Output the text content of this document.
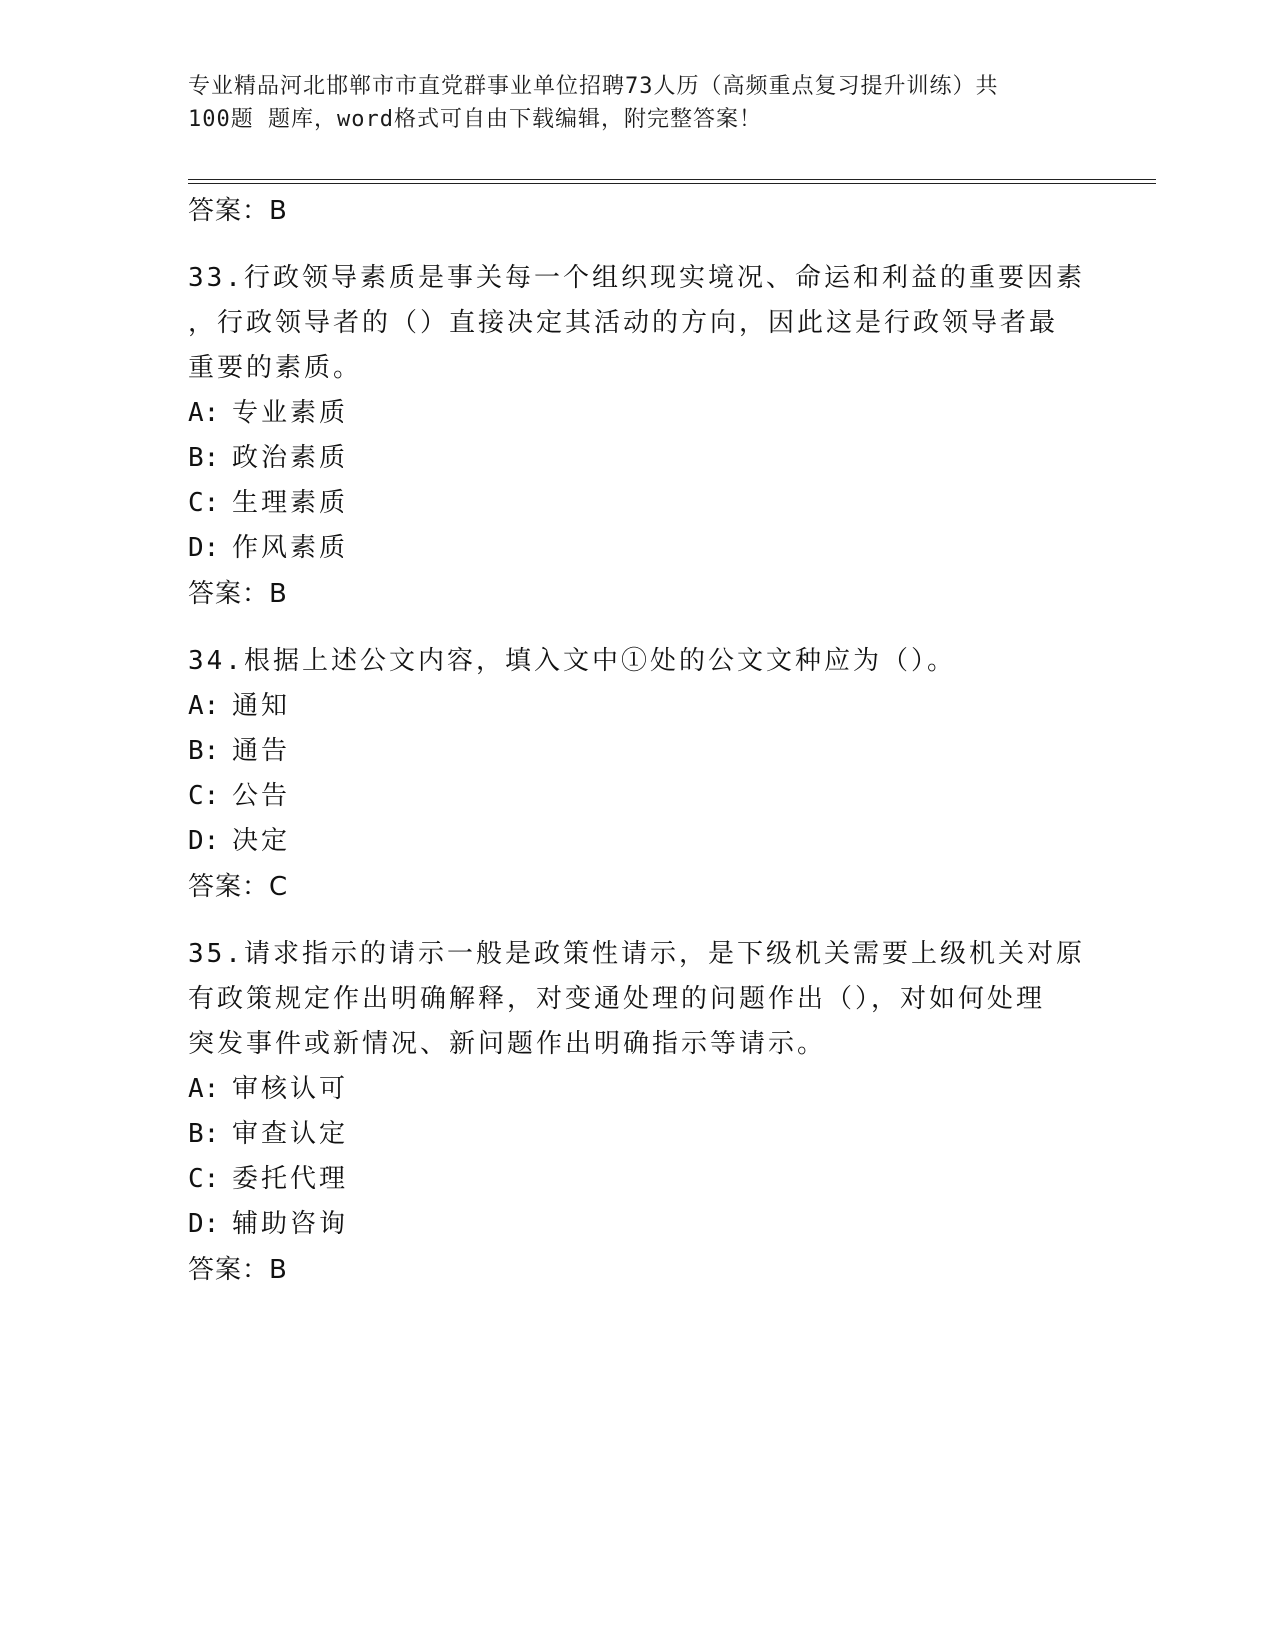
专业精品河北邯郸市市直党群事业单位招聘73人历（高频重点复习提升训练）共
100题 题库，word格式可自由下载编辑，附完整答案！
答案：B
33.行政领导素质是事关每一个组织现实境况、命运和利益的重要因素
，行政领导者的（）直接决定其活动的方向，因此这是行政领导者最
重要的素质。
A: 专业素质
B: 政治素质
C: 生理素质
D: 作风素质
答案：B
34.根据上述公文内容，填入文中①处的公文文种应为（）。
A: 通知
B: 通告
C: 公告
D: 决定
答案：C
35.请求指示的请示一般是政策性请示，是下级机关需要上级机关对原
有政策规定作出明确解释，对变通处理的问题作出（），对如何处理
突发事件或新情况、新问题作出明确指示等请示。
A: 审核认可
B: 审查认定
C: 委托代理
D: 辅助咨询
答案：B
